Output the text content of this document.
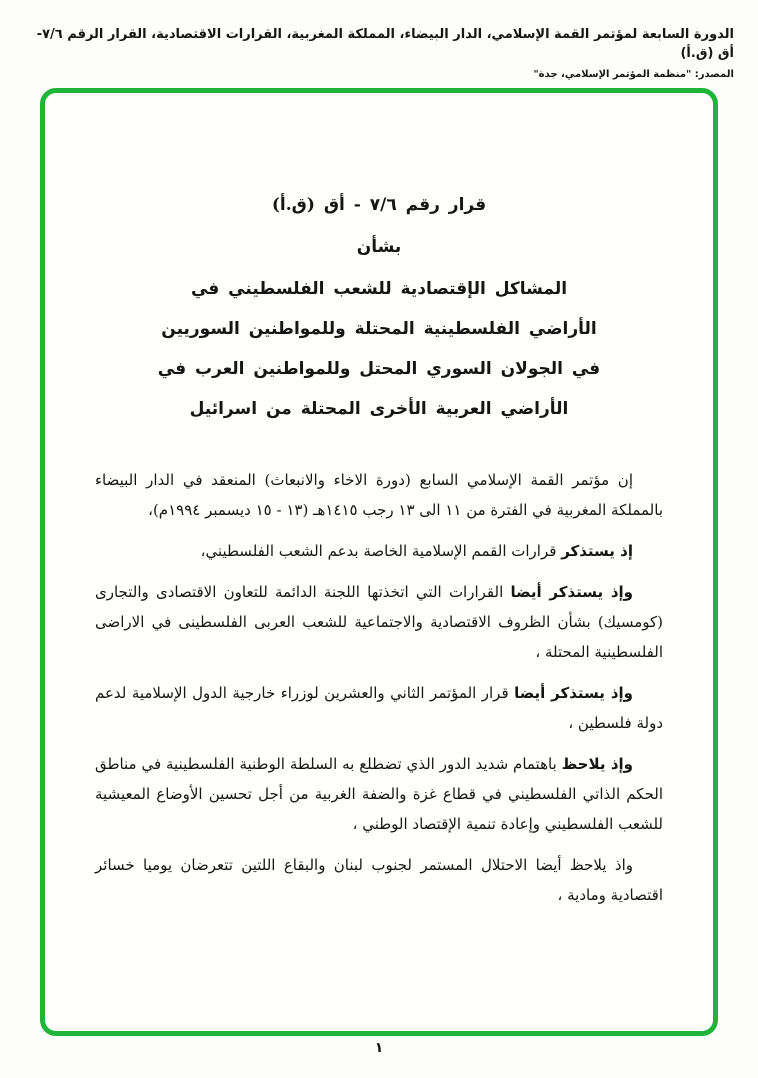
الدورة السابعة لمؤتمر القمة الإسلامي، الدار البيضاء، المملكة المغربية، القرارات الاقتصادية، القرار الرقم ٧/٦-أق (ق.أ)
المصدر: "منظمة المؤتمر الإسلامي، جدة"
قرار رقم ٧/٦ - أق (ق.أ)
بشأن
المشاكل الإقتصادية للشعب الفلسطيني في
الأراضي الفلسطينية المحتلة وللمواطنين السوريين
في الجولان السوري المحتل وللمواطنين العرب في
الأراضي العربية الأخرى المحتلة من اسرائيل

إن مؤتمر القمة الإسلامي السابع (دورة الاخاء والانبعاث) المنعقد في الدار البيضاء بالمملكة المغربية في الفترة من ١١ الى ١٣ رجب ١٤١٥هـ (١٣ - ١٥ ديسمبر ١٩٩٤م)،

إذ يستذكر قرارات القمم الإسلامية الخاصة بدعم الشعب الفلسطيني،

وإذ يستذكر أيضا القرارات التي اتخذتها اللجنة الدائمة للتعاون الاقتصادى والتجارى (كومسيك) بشأن الظروف الاقتصادية والاجتماعية للشعب العربى الفلسطينى في الاراضى الفلسطينية المحتلة ،

وإذ يستذكر أيضا قرار المؤتمر الثاني والعشرين لوزراء خارجية الدول الإسلامية لدعم دولة فلسطين ،

وإذ يلاحظ باهتمام شديد الدور الذي تضطلع به السلطة الوطنية الفلسطينية في مناطق الحكم الذاتي الفلسطيني في قطاع غزة والضفة الغربية من أجل تحسين الأوضاع المعيشية للشعب الفلسطيني وإعادة تنمية الإقتصاد الوطني ،

واذ يلاحظ أيضا الاحتلال المستمر لجنوب لبنان والبقاع اللتين تتعرضان يوميا خسائر اقتصادية ومادية ،

١
